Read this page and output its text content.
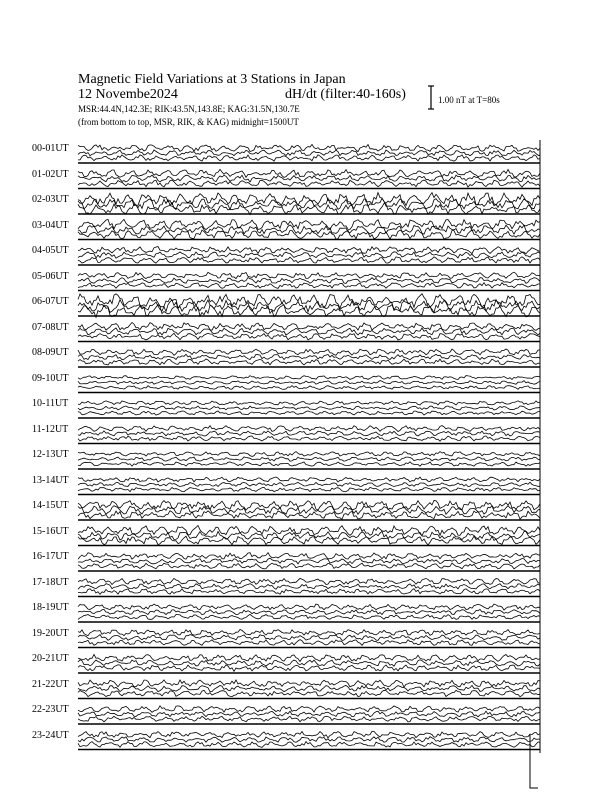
Magnetic Field Variations at 3 Stations in Japan
12 Novembe2024	dH/dt (filter:40-160s)
MSR:44.4N,142.3E; RIK:43.5N,143.8E; KAG:31.5N,130.7E
(from bottom to top, MSR, RIK, & KAG) midnight=1500UT
1.00 nT at T=80s
00-01UT
01-02UT
02-03UT
03-04UT
04-05UT
05-06UT
06-07UT
07-08UT
08-09UT
09-10UT
10-11UT
11-12UT
12-13UT
13-14UT
14-15UT
15-16UT
16-17UT
17-18UT
18-19UT
19-20UT
20-21UT
21-22UT
22-23UT
23-24UT
